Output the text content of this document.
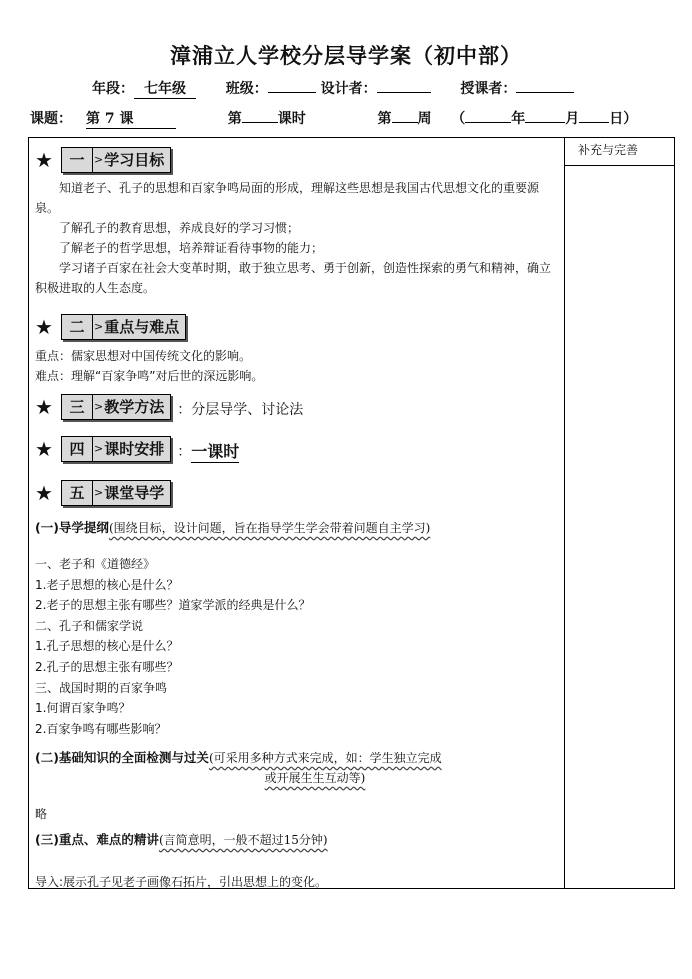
漳浦立人学校分层导学案（初中部）
年段： 七年级	班级：	设计者：	授课者：
课题： 第 7 课	第	课时	第 周 （	年	月 日）
★	一 > 学习目标
知道老子、孔子的思想和百家争鸣局面的形成，理解这些思想是我国古代思想文化的重要源泉。
了解孔子的教育思想，养成良好的学习习惯；
了解老子的哲学思想，培养辩证看待事物的能力；
学习诸子百家在社会大变革时期，敢于独立思考、勇于创新，创造性探索的勇气和精神，确立积极进取的人生态度。
★	二 > 重点与难点
重点：儒家思想对中国传统文化的影响。
难点：理解“百家争鸣”对后世的深远影响。
★	三 > 教学方法 ：分层导学、讨论法
★	四 > 课时安排 ： 一课时
★	五 > 课堂导学
(一)导学提纲(围绕目标，设计问题，旨在指导学生学会带着问题自主学习)
一、老子和《道德经》
1.老子思想的核心是什么？
2.老子的思想主张有哪些？道家学派的经典是什么？
二、孔子和儒家学说
1.孔子思想的核心是什么？
2.孔子的思想主张有哪些？
三、战国时期的百家争鸣
1.何谓百家争鸣？
2.百家争鸣有哪些影响？
(二)基础知识的全面检测与过关(可采用多种方式来完成，如：学生独立完成
或开展生生互动等)
略
(三)重点、难点的精讲(言简意明，一般不超过15分钟)
导入:展示孔子见老子画像石拓片，引出思想上的变化。

补充与完善
